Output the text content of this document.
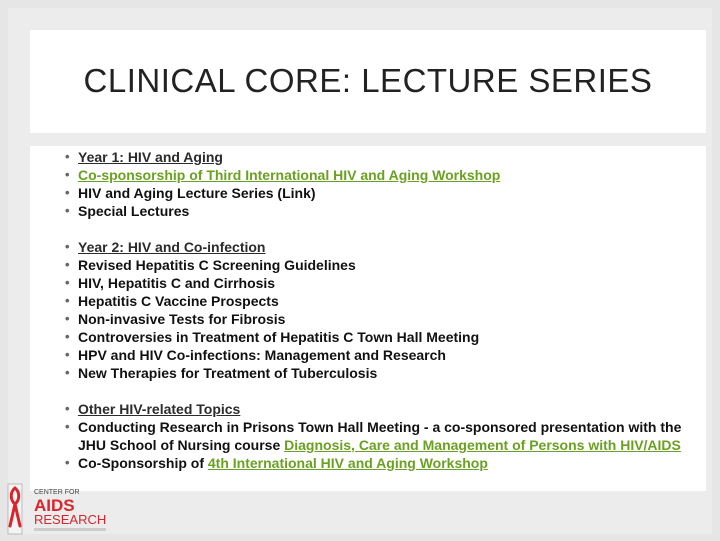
CLINICAL CORE: LECTURE SERIES
• Year 1: HIV and Aging
• Co-sponsorship of Third International HIV and Aging Workshop
• HIV and Aging Lecture Series (Link)
• Special Lectures
• Year 2: HIV and Co-infection
• Revised Hepatitis C Screening Guidelines
• HIV, Hepatitis C and Cirrhosis
• Hepatitis C Vaccine Prospects
• Non-invasive Tests for Fibrosis
• Controversies in Treatment of Hepatitis C Town Hall Meeting
• HPV and HIV Co-infections: Management and Research
• New Therapies for Treatment of Tuberculosis
• Other HIV-related Topics
• Conducting Research in Prisons Town Hall Meeting - a co-sponsored presentation with the JHU School of Nursing course Diagnosis, Care and Management of Persons with HIV/AIDS
• Co-Sponsorship of 4th International HIV and Aging Workshop
CENTER FOR
AIDS
RESEARCH
